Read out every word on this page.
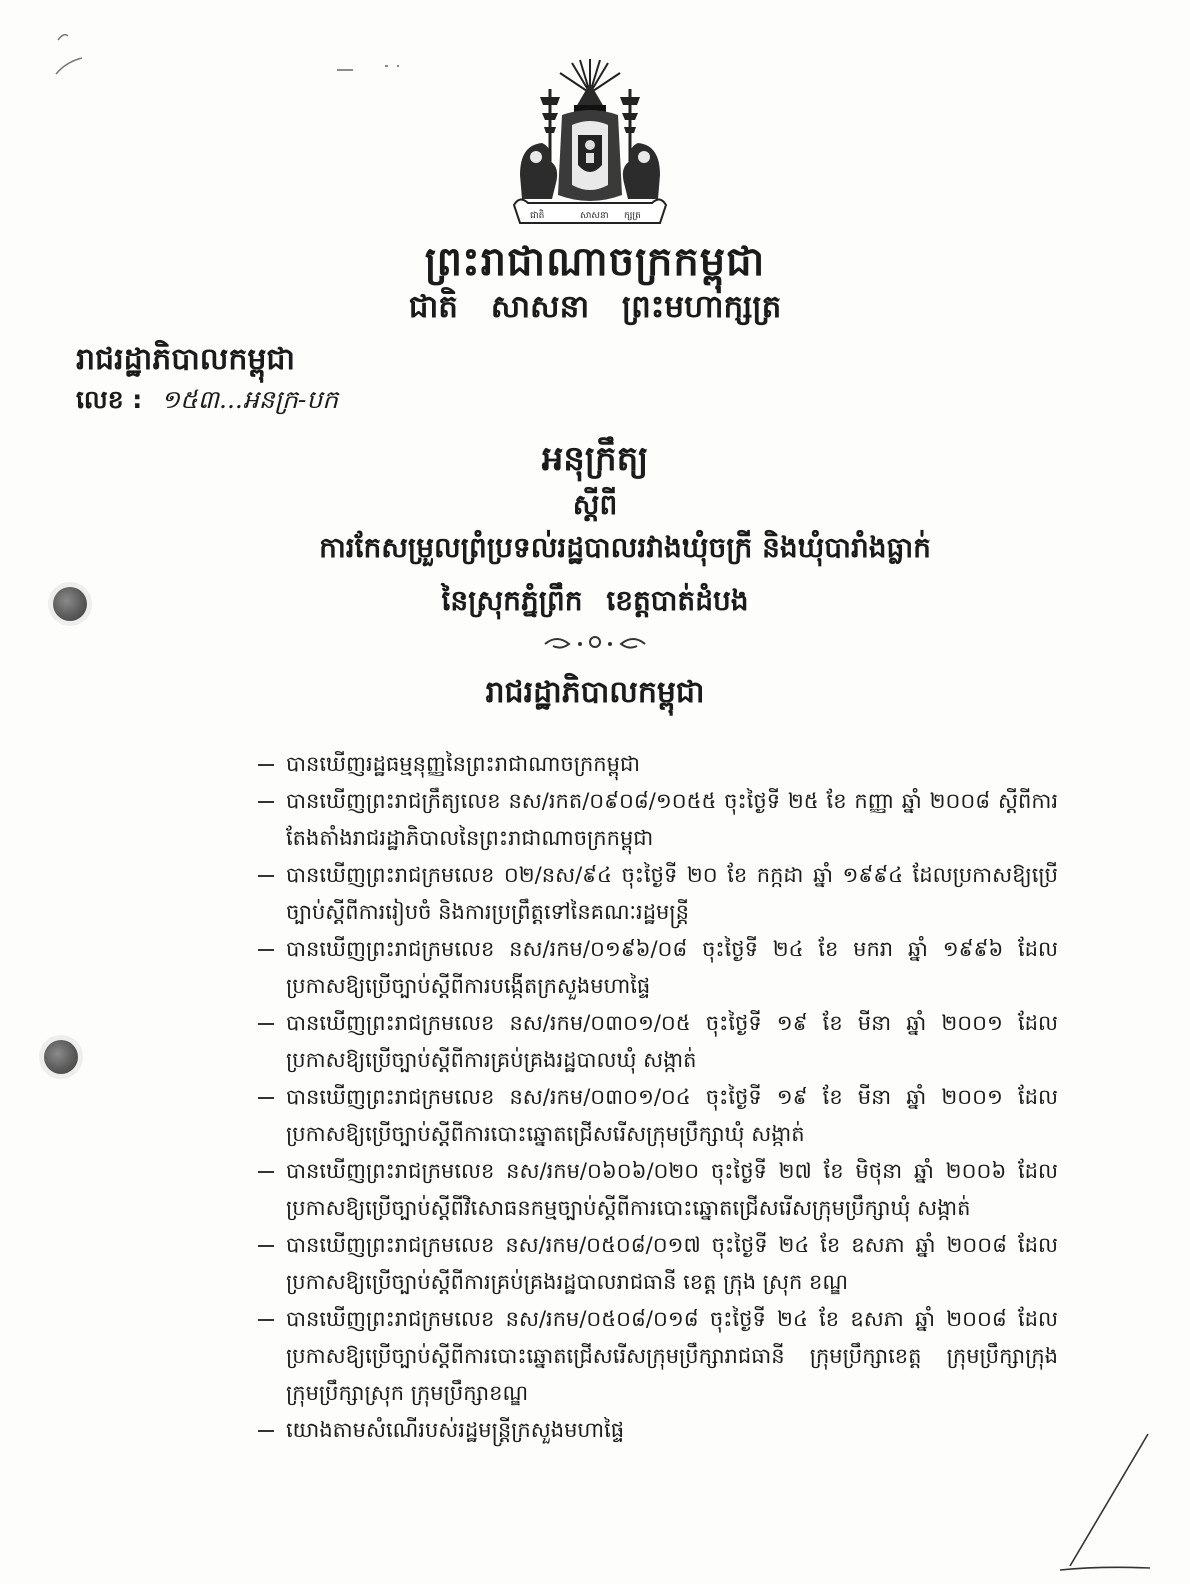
ជាតិ	សាសនា ក្សត្រ
ព្រះរាជាណាចក្រកម្ពុជា
ជាតិ សាសនា ព្រះមហាក្សត្រ
រាជរដ្ឋាភិបាលកម្ពុជា
លេខ : ១៥៣...អនក្រ-បក
អនុក្រឹត្យ
ស្តីពី
ការកែសម្រួលព្រំប្រទល់រដ្ឋបាលរវាងឃុំចក្រី និងឃុំបារាំងធ្លាក់
នៃស្រុកភ្នំព្រឹក ខេត្តបាត់ដំបង
រាជរដ្ឋាភិបាលកម្ពុជា
បានឃើញរដ្ឋធម្មនុញ្ញនៃព្រះរាជាណាចក្រកម្ពុជា
បានឃើញព្រះរាជក្រឹត្យលេខ នស/រកត/០៩០៨/១០៥៥ ចុះថ្ងៃទី ២៥ ខែ កញ្ញា ឆ្នាំ ២០០៨ ស្តីពីការតែងតាំងរាជរដ្ឋាភិបាលនៃព្រះរាជាណាចក្រកម្ពុជា
បានឃើញព្រះរាជក្រមលេខ ០២/នស/៩៤ ចុះថ្ងៃទី ២០ ខែ កក្កដា ឆ្នាំ ១៩៩៤ ដែលប្រកាសឱ្យប្រើច្បាប់ស្តីពីការរៀបចំ និងការប្រព្រឹត្តទៅនៃគណៈរដ្ឋមន្ត្រី
បានឃើញព្រះរាជក្រមលេខ នស/រកម/០១៩៦/០៨ ចុះថ្ងៃទី ២៤ ខែ មករា ឆ្នាំ ១៩៩៦ ដែលប្រកាសឱ្យប្រើច្បាប់ស្តីពីការបង្កើតក្រសួងមហាផ្ទៃ
បានឃើញព្រះរាជក្រមលេខ នស/រកម/០៣០១/០៥ ចុះថ្ងៃទី ១៩ ខែ មីនា ឆ្នាំ ២០០១ ដែលប្រកាសឱ្យប្រើច្បាប់ស្តីពីការគ្រប់គ្រងរដ្ឋបាលឃុំ សង្កាត់
បានឃើញព្រះរាជក្រមលេខ នស/រកម/០៣០១/០៤ ចុះថ្ងៃទី ១៩ ខែ មីនា ឆ្នាំ ២០០១ ដែលប្រកាសឱ្យប្រើច្បាប់ស្តីពីការបោះឆ្នោតជ្រើសរើសក្រុមប្រឹក្សាឃុំ សង្កាត់
បានឃើញព្រះរាជក្រមលេខ នស/រកម/០៦០៦/០២០ ចុះថ្ងៃទី ២៧ ខែ មិថុនា ឆ្នាំ ២០០៦ ដែលប្រកាសឱ្យប្រើច្បាប់ស្តីពីវិសោធនកម្មច្បាប់ស្តីពីការបោះឆ្នោតជ្រើសរើសក្រុមប្រឹក្សាឃុំ សង្កាត់
បានឃើញព្រះរាជក្រមលេខ នស/រកម/០៥០៨/០១៧ ចុះថ្ងៃទី ២៤ ខែ ឧសភា ឆ្នាំ ២០០៨ ដែលប្រកាសឱ្យប្រើច្បាប់ស្តីពីការគ្រប់គ្រងរដ្ឋបាលរាជធានី ខេត្ត ក្រុង ស្រុក ខណ្ឌ
បានឃើញព្រះរាជក្រមលេខ នស/រកម/០៥០៨/០១៨ ចុះថ្ងៃទី ២៤ ខែ ឧសភា ឆ្នាំ ២០០៨ ដែលប្រកាសឱ្យប្រើច្បាប់ស្តីពីការបោះឆ្នោតជ្រើសរើសក្រុមប្រឹក្សារាជធានី ក្រុមប្រឹក្សាខេត្ត ក្រុមប្រឹក្សាក្រុង ក្រុមប្រឹក្សាស្រុក ក្រុមប្រឹក្សាខណ្ឌ
យោងតាមសំណើរបស់រដ្ឋមន្ត្រីក្រសួងមហាផ្ទៃ
